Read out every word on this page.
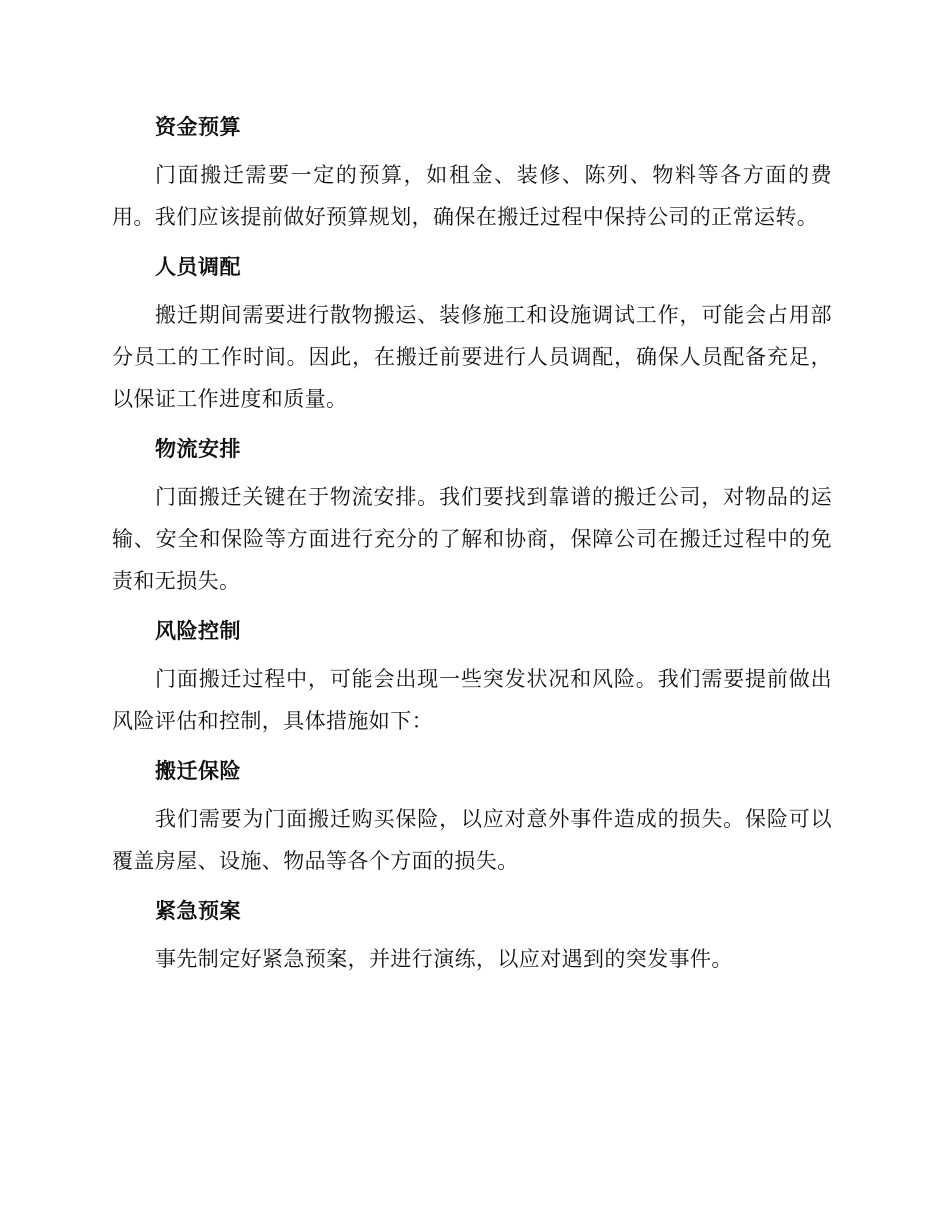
资金预算

门面搬迁需要一定的预算，如租金、装修、陈列、物料等各方面的费用。我们应该提前做好预算规划，确保在搬迁过程中保持公司的正常运转。

人员调配

搬迁期间需要进行散物搬运、装修施工和设施调试工作，可能会占用部分员工的工作时间。因此，在搬迁前要进行人员调配，确保人员配备充足，以保证工作进度和质量。

物流安排

门面搬迁关键在于物流安排。我们要找到靠谱的搬迁公司，对物品的运输、安全和保险等方面进行充分的了解和协商，保障公司在搬迁过程中的免责和无损失。

风险控制

门面搬迁过程中，可能会出现一些突发状况和风险。我们需要提前做出风险评估和控制，具体措施如下：

搬迁保险

我们需要为门面搬迁购买保险，以应对意外事件造成的损失。保险可以覆盖房屋、设施、物品等各个方面的损失。

紧急预案

事先制定好紧急预案，并进行演练，以应对遇到的突发事件。
